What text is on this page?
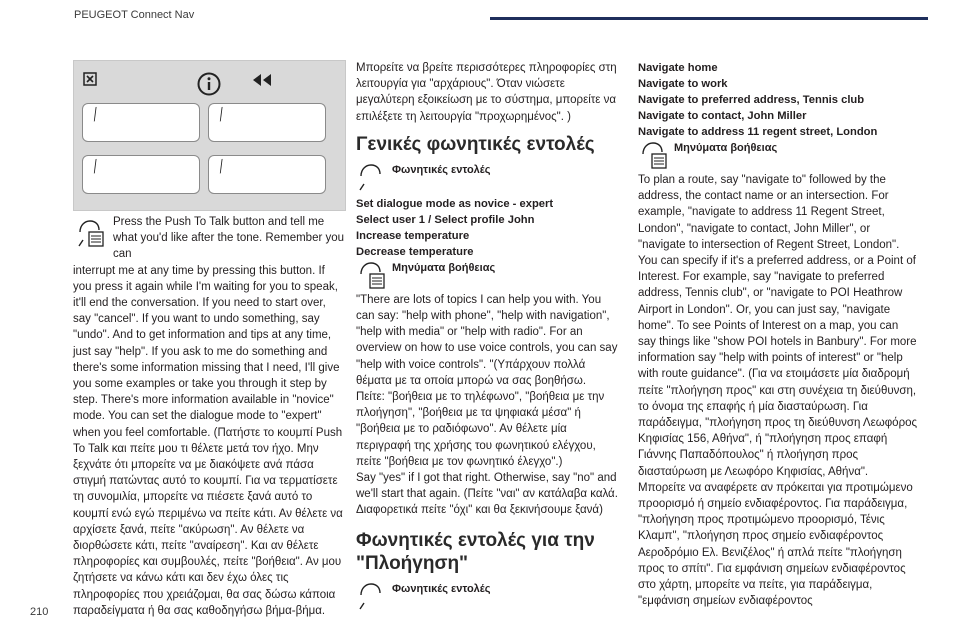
PEUGEOT Connect Nav
╱	╱
╱	╱

Press the Push To Talk button and tell me what you'd like after the tone. Remember you can

interrupt me at any time by pressing this button. If you press it again while I'm waiting for you to speak, it'll end the conversation. If you need to start over, say "cancel". If you want to undo something, say "undo". And to get information and tips at any time, just say "help". If you ask to me do something and there's some information missing that I need, I'll give you some examples or take you through it step by step. There's more information available in "novice" mode. You can set the dialogue mode to "expert" when you feel comfortable. (Πατήστε το κουμπί Push To Talk και πείτε μου τι θέλετε μετά τον ήχο. Μην ξεχνάτε ότι μπορείτε να με διακόψετε ανά πάσα στιγμή πατώντας αυτό το κουμπί. Για να τερματίσετε τη συνομιλία, μπορείτε να πιέσετε ξανά αυτό το κουμπί ενώ εγώ περιμένω να πείτε κάτι. Αν θέλετε να αρχίσετε ξανά, πείτε "ακύρωση". Αν θέλετε να διορθώσετε κάτι, πείτε "αναίρεση". Και αν θέλετε πληροφορίες και συμβουλές, πείτε "βοήθεια". Αν μου ζητήσετε να κάνω κάτι και δεν έχω όλες τις πληροφορίες που χρειάζομαι, θα σας δώσω κάποια παραδείγματα ή θα σας καθοδηγήσω βήμα-βήμα.

Μπορείτε να βρείτε περισσότερες πληροφορίες στη λειτουργία για "αρχάριους". Όταν νιώσετε μεγαλύτερη εξοικείωση με το σύστημα, μπορείτε να επιλέξετε τη λειτουργία "προχωρημένος". )

Γενικές φωνητικές εντολές
Φωνητικές εντολές

Set dialogue mode as novice - expert

Select user 1 / Select profile John

Increase temperature

Decrease temperature

Μηνύματα βοήθειας

"There are lots of topics I can help you with. You can say: "help with phone", "help with navigation", "help with media" or "help with radio". For an overview on how to use voice controls, you can say "help with voice controls". "(Υπάρχουν πολλά θέματα με τα οποία μπορώ να σας βοηθήσω. Πείτε: "βοήθεια με το τηλέφωνο", "βοήθεια με την πλοήγηση", "βοήθεια με τα ψηφιακά μέσα" ή "βοήθεια με το ραδιόφωνο". Αν θέλετε μία περιγραφή της χρήσης του φωνητικού ελέγχου, πείτε "βοήθεια με τον φωνητικό έλεγχο".)

Say "yes" if I got that right. Otherwise, say "no" and we'll start that again. (Πείτε "ναι" αν κατάλαβα καλά. Διαφορετικά πείτε "όχι" και θα ξεκινήσουμε ξανά)

Φωνητικές εντολές για την "Πλοήγηση"
Φωνητικές εντολές

Navigate home

Navigate to work

Navigate to preferred address, Tennis club

Navigate to contact, John Miller

Navigate to address 11 regent street, London

Μηνύματα βοήθειας

To plan a route, say "navigate to" followed by the address, the contact name or an intersection. For example, "navigate to address 11 Regent Street, London", "navigate to contact, John Miller", or "navigate to intersection of Regent Street, London". You can specify if it's a preferred address, or a Point of Interest. For example, say "navigate to preferred address, Tennis club", or "navigate to POI Heathrow Airport in London". Or, you can just say, "navigate home". To see Points of Interest on a map, you can say things like "show POI hotels in Banbury". For more information say "help with points of interest" or "help with route guidance". (Για να ετοιμάσετε μία διαδρομή πείτε "πλοήγηση προς" και στη συνέχεια τη διεύθυνση, το όνομα της επαφής ή μία διασταύρωση. Για παράδειγμα, "πλοήγηση προς τη διεύθυνση Λεωφόρος Κηφισίας 156, Αθήνα", ή "πλοήγηση προς επαφή Γιάννης Παπαδόπουλος" ή πλοήγηση προς διασταύρωση με Λεωφόρο Κηφισίας, Αθήνα". Μπορείτε να αναφέρετε αν πρόκειται για προτιμώμενο προορισμό ή σημείο ενδιαφέροντος. Για παράδειγμα, "πλοήγηση προς προτιμώμενο προορισμό, Τένις Κλαμπ", "πλοήγηση προς σημείο ενδιαφέροντος Αεροδρόμιο Ελ. Βενιζέλος" ή απλά πείτε "πλοήγηση προς το σπίτι". Για εμφάνιση σημείων ενδιαφέροντος στο χάρτη, μπορείτε να πείτε, για παράδειγμα, "εμφάνιση σημείων ενδιαφέροντος

210
